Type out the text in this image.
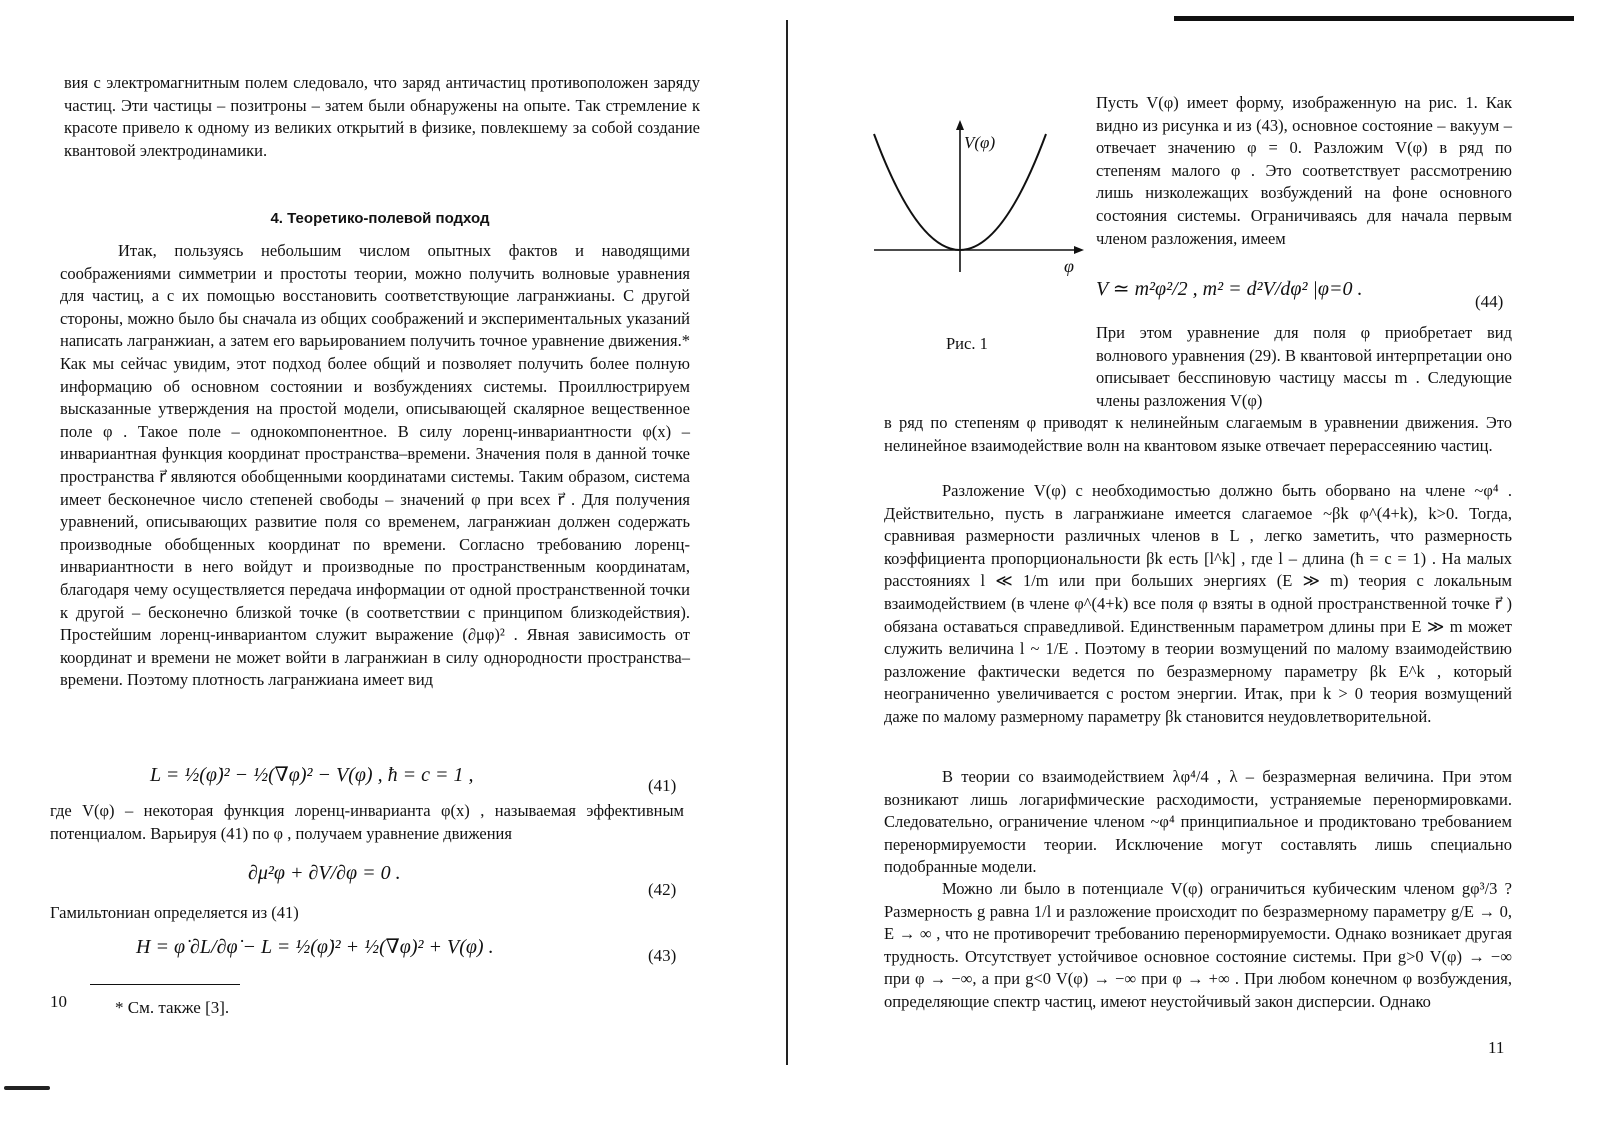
вия с электромагнитным полем следовало, что заряд античастиц противоположен заряду частиц. Эти частицы – позитроны – затем были обнаружены на опыте. Так стремление к красоте привело к одному из великих открытий в физике, повлекшему за собой создание квантовой электродинамики.
4. Теоретико-полевой подход
Итак, пользуясь небольшим числом опытных фактов и наводящими соображениями симметрии и простоты теории, можно получить волновые уравнения для частиц, а с их помощью восстановить соответствующие лагранжианы. С другой стороны, можно было бы сначала из общих соображений и экспериментальных указаний написать лагранжиан, а затем его варьированием получить точное уравнение движения.* Как мы сейчас увидим, этот подход более общий и позволяет получить более полную информацию об основном состоянии и возбуждениях системы. Проиллюстрируем высказанные утверждения на простой модели, описывающей скалярное вещественное поле φ . Такое поле – однокомпонентное. В силу лоренц-инвариантности φ(x) – инвариантная функция координат пространства–времени. Значения поля в данной точке пространства r⃗ являются обобщенными координатами системы. Таким образом, система имеет бесконечное число степеней свободы – значений φ при всех r⃗ . Для получения уравнений, описывающих развитие поля со временем, лагранжиан должен содержать производные обобщенных координат по времени. Согласно требованию лоренц-инвариантности в него войдут и производные по пространственным координатам, благодаря чему осуществляется передача информации от одной пространственной точки к другой – бесконечно близкой точке (в соответствии с принципом близкодействия). Простейшим лоренц-инвариантом служит выражение (∂μφ)² . Явная зависимость от координат и времени не может войти в лагранжиан в силу однородности пространства–времени. Поэтому плотность лагранжиана имеет вид
L = ½(φ̇)² − ½(∇φ)² − V(φ) , ħ = c = 1 ,	(41)
где V(φ) – некоторая функция лоренц-инварианта φ(x) , называемая эффективным потенциалом. Варьируя (41) по φ , получаем уравнение движения
∂μ²φ + ∂V/∂φ = 0 .
(42)
Гамильтониан определяется из (41)
H = φ̇ ∂L/∂φ̇ − L = ½(φ̇)² + ½(∇φ)² + V(φ) .	(43)
10	* См. также [3].
V(φ)
φ
Рис. 1
Пусть V(φ) имеет форму, изображенную на рис. 1. Как видно из рисунка и из (43), основное состояние – вакуум – отвечает значению φ = 0. Разложим V(φ) в ряд по степеням малого φ . Это соответствует рассмотрению лишь низколежащих возбуждений на фоне основного состояния системы. Ограничиваясь для начала первым членом разложения, имеем
V ≃ m²φ²/2 , m² = d²V/dφ² |φ=0 .
(44)
При этом уравнение для поля φ приобретает вид волнового уравнения (29). В квантовой интерпретации оно описывает бесспиновую частицу массы m . Следующие члены разложения V(φ)
в ряд по степеням φ приводят к нелинейным слагаемым в уравнении движения. Это нелинейное взаимодействие волн на квантовом языке отвечает перерассеянию частиц.
Разложение V(φ) с необходимостью должно быть оборвано на члене ~φ⁴ . Действительно, пусть в лагранжиане имеется слагаемое ~βk φ^(4+k), k>0. Тогда, сравнивая размерности различных членов в L , легко заметить, что размерность коэффициента пропорциональности βk есть [l^k] , где l – длина (ħ = c = 1) . На малых расстояниях l ≪ 1/m или при больших энергиях (E ≫ m) теория с локальным взаимодействием (в члене φ^(4+k) все поля φ взяты в одной пространственной точке r⃗ ) обязана оставаться справедливой. Единственным параметром длины при E ≫ m может служить величина l ~ 1/E . Поэтому в теории возмущений по малому взаимодействию разложение фактически ведется по безразмерному параметру βk E^k , который неограниченно увеличивается с ростом энергии. Итак, при k > 0 теория возмущений даже по малому размерному параметру βk становится неудовлетворительной.
В теории со взаимодействием λφ⁴/4 , λ – безразмерная величина. При этом возникают лишь логарифмические расходимости, устраняемые перенормировками. Следовательно, ограничение членом ~φ⁴ принципиальное и продиктовано требованием перенормируемости теории. Исключение могут составлять лишь специально подобранные модели.
Можно ли было в потенциале V(φ) ограничиться кубическим членом gφ³/3 ? Размерность g равна 1/l и разложение происходит по безразмерному параметру g/E → 0, E → ∞ , что не противоречит требованию перенормируемости. Однако возникает другая трудность. Отсутствует устойчивое основное состояние системы. При g>0 V(φ) → −∞ при φ → −∞, а при g<0 V(φ) → −∞ при φ → +∞ . При любом конечном φ возбуждения, определяющие спектр частиц, имеют неустойчивый закон дисперсии. Однако
11
